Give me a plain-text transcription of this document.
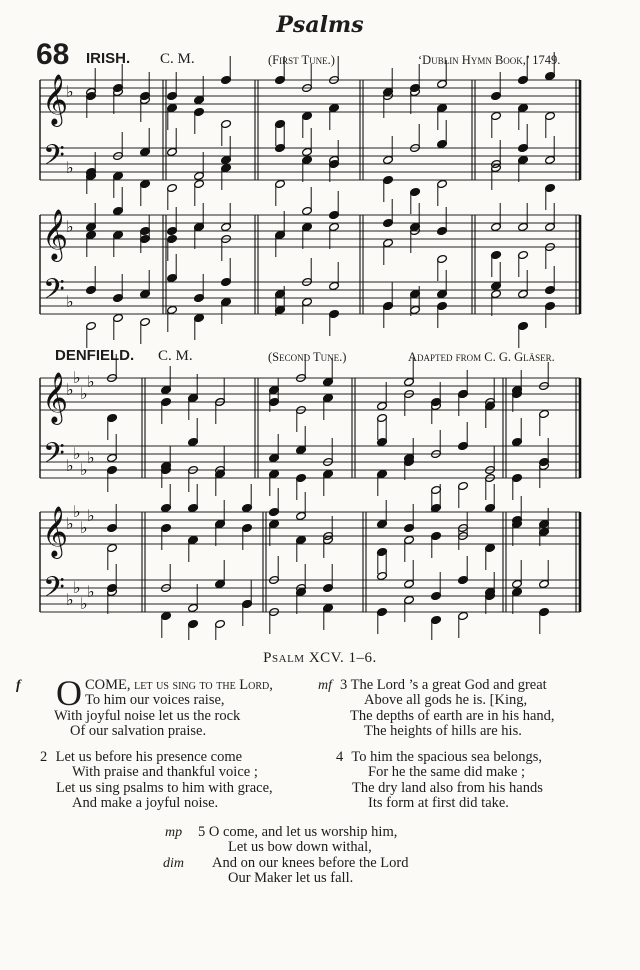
Psalms
68 IRISH. C. M.	(First Tune.)	‘Dublin Hymn Book,’ 1749.
DENFIELD. C. M.	(Second Tune.)	Adapted from C. G. Gläser.
𝄞
♭
𝄢 ♭
𝄞
♭
𝄢 ♭
𝄞
♭
♭
♭
♭
𝄢 ♭
♭
♭
♭
𝄞
♭
♭
♭
♭
𝄢 ♭
♭
♭
♭
Psalm XCV. 1–6.
f O COME, let us sing to the Lord,

To him our voices raise,

With joyful noise let us the rock

Of our salvation praise.

2 Let us before his presence come

With praise and thankful voice ;

Let us sing psalms to him with grace,

And make a joyful noise.

mf 3 The Lord ’s a great God and great

Above all gods he is. [King,

The depths of earth are in his hand,

The heights of hills are his.

4 To him the spacious sea belongs,

For he the same did make ;

The dry land also from his hands

Its form at first did take.

mp
dim

5 O come, and let us worship him,

Let us bow down withal,

And on our knees before the Lord

Our Maker let us fall.
